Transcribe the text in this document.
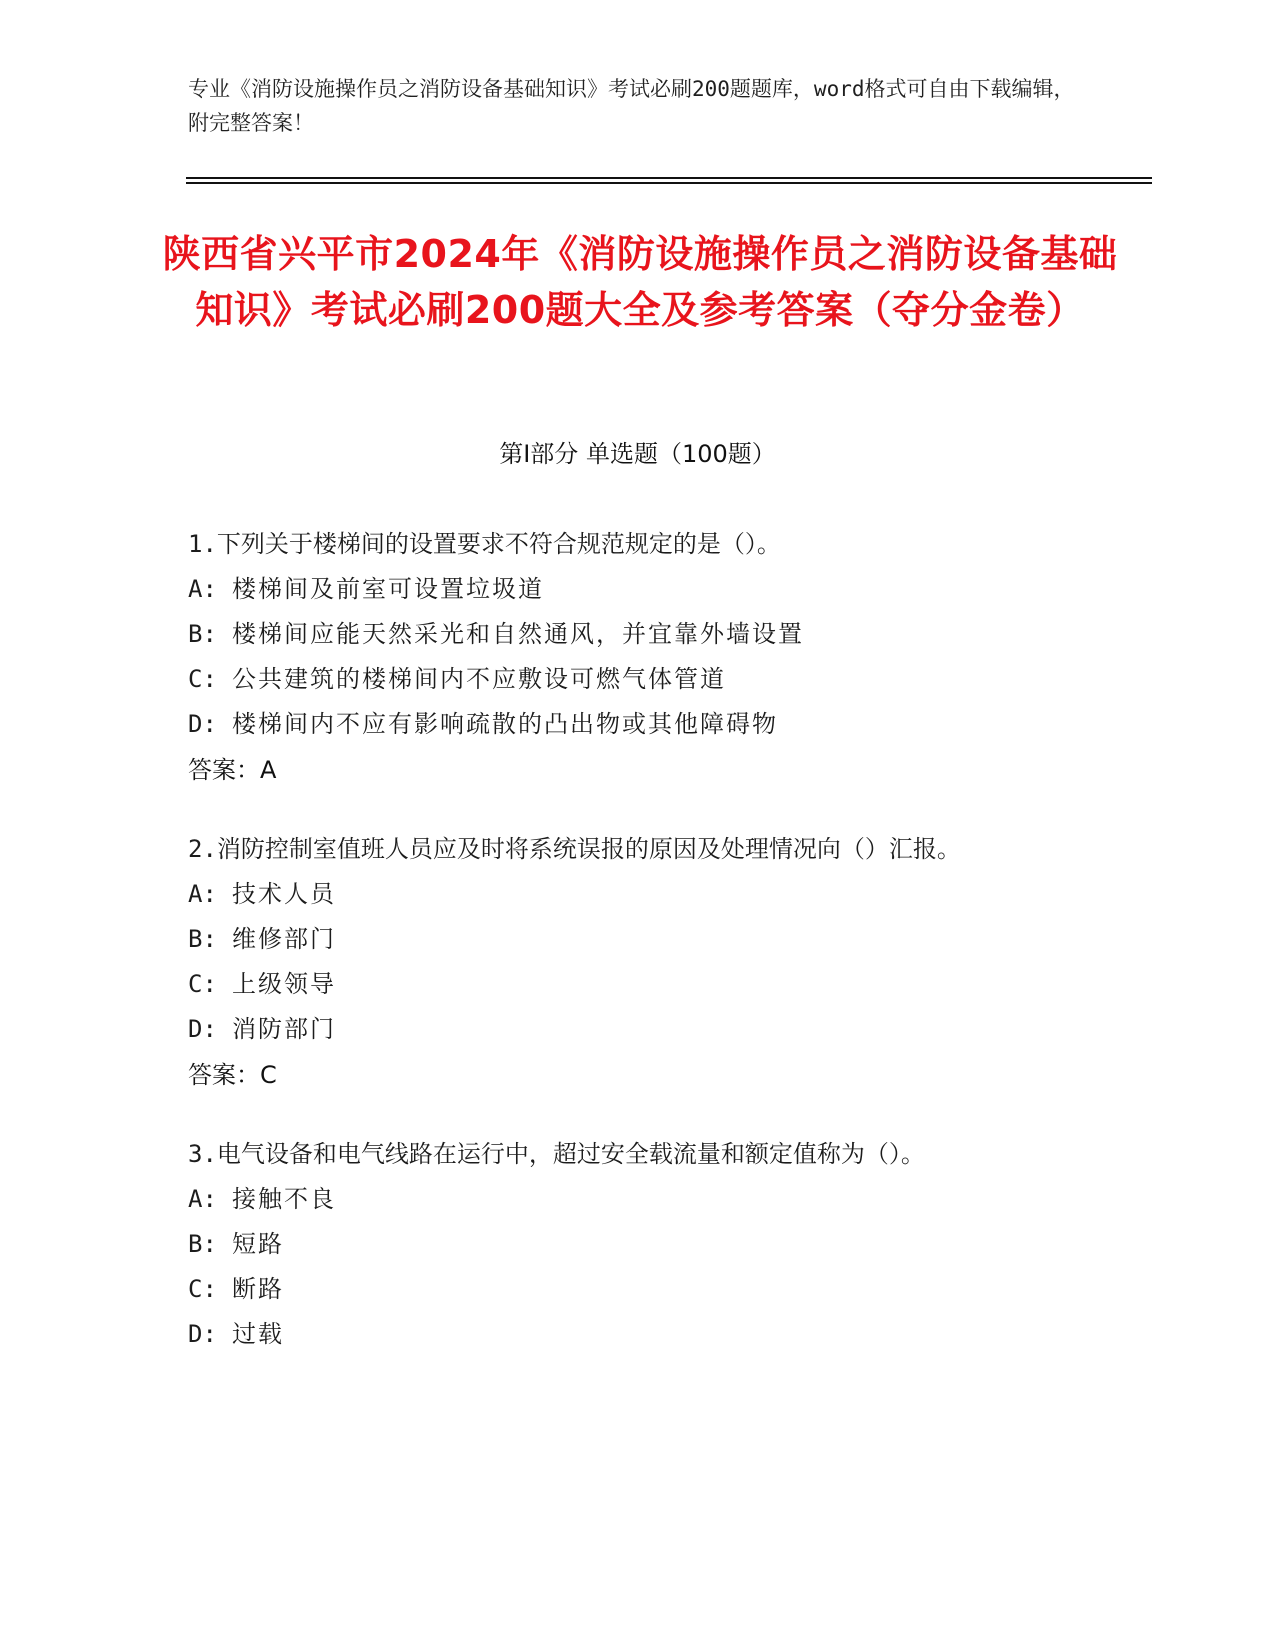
专业《消防设施操作员之消防设备基础知识》考试必刷200题题库，word格式可自由下载编辑，附完整答案！
陕西省兴平市2024年《消防设施操作员之消防设备基础知识》考试必刷200题大全及参考答案（夺分金卷）
第I部分 单选题（100题）
1.下列关于楼梯间的设置要求不符合规范规定的是（）。
A: 楼梯间及前室可设置垃圾道
B: 楼梯间应能天然采光和自然通风，并宜靠外墙设置
C: 公共建筑的楼梯间内不应敷设可燃气体管道
D: 楼梯间内不应有影响疏散的凸出物或其他障碍物
答案：A
2.消防控制室值班人员应及时将系统误报的原因及处理情况向（）汇报。
A: 技术人员
B: 维修部门
C: 上级领导
D: 消防部门
答案：C
3.电气设备和电气线路在运行中，超过安全载流量和额定值称为（）。
A: 接触不良
B: 短路
C: 断路
D: 过载
